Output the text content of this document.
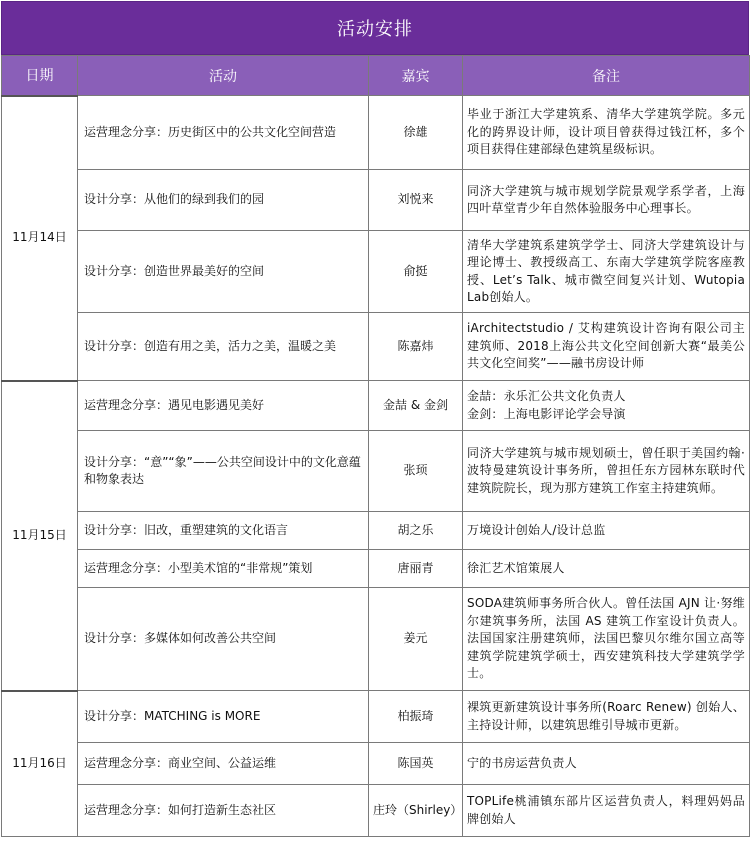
活动安排
日期	活动	嘉宾	备注
11月14日	运营理念分享：历史街区中的公共文化空间营造	徐雄	毕业于浙江大学建筑系、清华大学建筑学院。多元化的跨界设计师，设计项目曾获得过钱江杯，多个项目获得住建部绿色建筑星级标识。
	设计分享：从他们的绿到我们的园	刘悦来	同济大学建筑与城市规划学院景观学系学者，上海四叶草堂青少年自然体验服务中心理事长。
	设计分享：创造世界最美好的空间	俞挺	清华大学建筑系建筑学学士、同济大学建筑设计与理论博士、教授级高工、东南大学建筑学院客座教授、Let’s Talk、城市微空间复兴计划、Wutopia Lab创始人。
	设计分享：创造有用之美，活力之美，温暖之美	陈嘉炜	iArchitectstudio / 艾构建筑设计咨询有限公司主建筑师、2018上海公共文化空间创新大赛“最美公共文化空间奖”——融书房设计师
11月15日	运营理念分享：遇见电影遇见美好	金喆 & 金剑	金喆：永乐汇公共文化负责人
金剑：上海电影评论学会导演
	设计分享：“意”“象”——公共空间设计中的文化意蕴和物象表达	张顼	同济大学建筑与城市规划硕士，曾任职于美国约翰·波特曼建筑设计事务所，曾担任东方园林东联时代建筑院院长，现为那方建筑工作室主持建筑师。
	设计分享：旧改，重塑建筑的文化语言	胡之乐	万境设计创始人/设计总监
	运营理念分享：小型美术馆的“非常规”策划	唐丽青	徐汇艺术馆策展人
	设计分享：多媒体如何改善公共空间	姜元	SODA建筑师事务所合伙人。曾任法国 AJN 让·努维尔建筑事务所，法国 AS 建筑工作室设计负责人。法国国家注册建筑师，法国巴黎贝尔维尔国立高等建筑学院建筑学硕士，西安建筑科技大学建筑学学士。
11月16日	设计分享：MATCHING is MORE	柏振琦	裸筑更新建筑设计事务所(Roarc Renew) 创始人、主持设计师，以建筑思维引导城市更新。
	运营理念分享：商业空间、公益运维	陈国英	宁的书房运营负责人
	运营理念分享：如何打造新生态社区	庄玲（Shirley）	TOPLife桃浦镇东部片区运营负责人，料理妈妈品牌创始人
